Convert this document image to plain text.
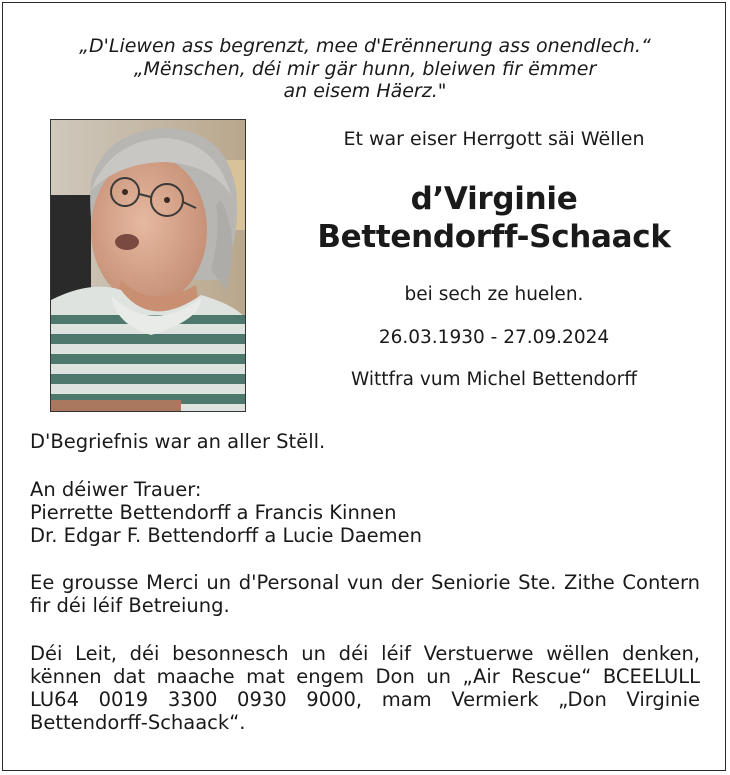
„D'Liewen ass begrenzt, mee d'Erënnerung ass onendlech.“
„Mënschen, déi mir gär hunn, bleiwen fir ëmmer
an eisem Häerz."
Et war eiser Herrgott säi Wëllen
d’Virginie
Bettendorff-Schaack
bei sech ze huelen.
26.03.1930 - 27.09.2024
Wittfra vum Michel Bettendorff
D'Begriefnis war an aller Stëll.
An déiwer Trauer:
Pierrette Bettendorff a Francis Kinnen
Dr. Edgar F. Bettendorff a Lucie Daemen
Ee grousse Merci un d'Personal vun der Seniorie Ste. Zithe Contern fir déi léif Betreiung.
Déi Leit, déi besonnesch un déi léif Verstuerwe wëllen denken, kënnen dat maache mat engem Don un „Air Rescue“ BCEELULL LU64 0019 3300 0930 9000, mam Vermierk „Don Virginie Bettendorff-Schaack“.
